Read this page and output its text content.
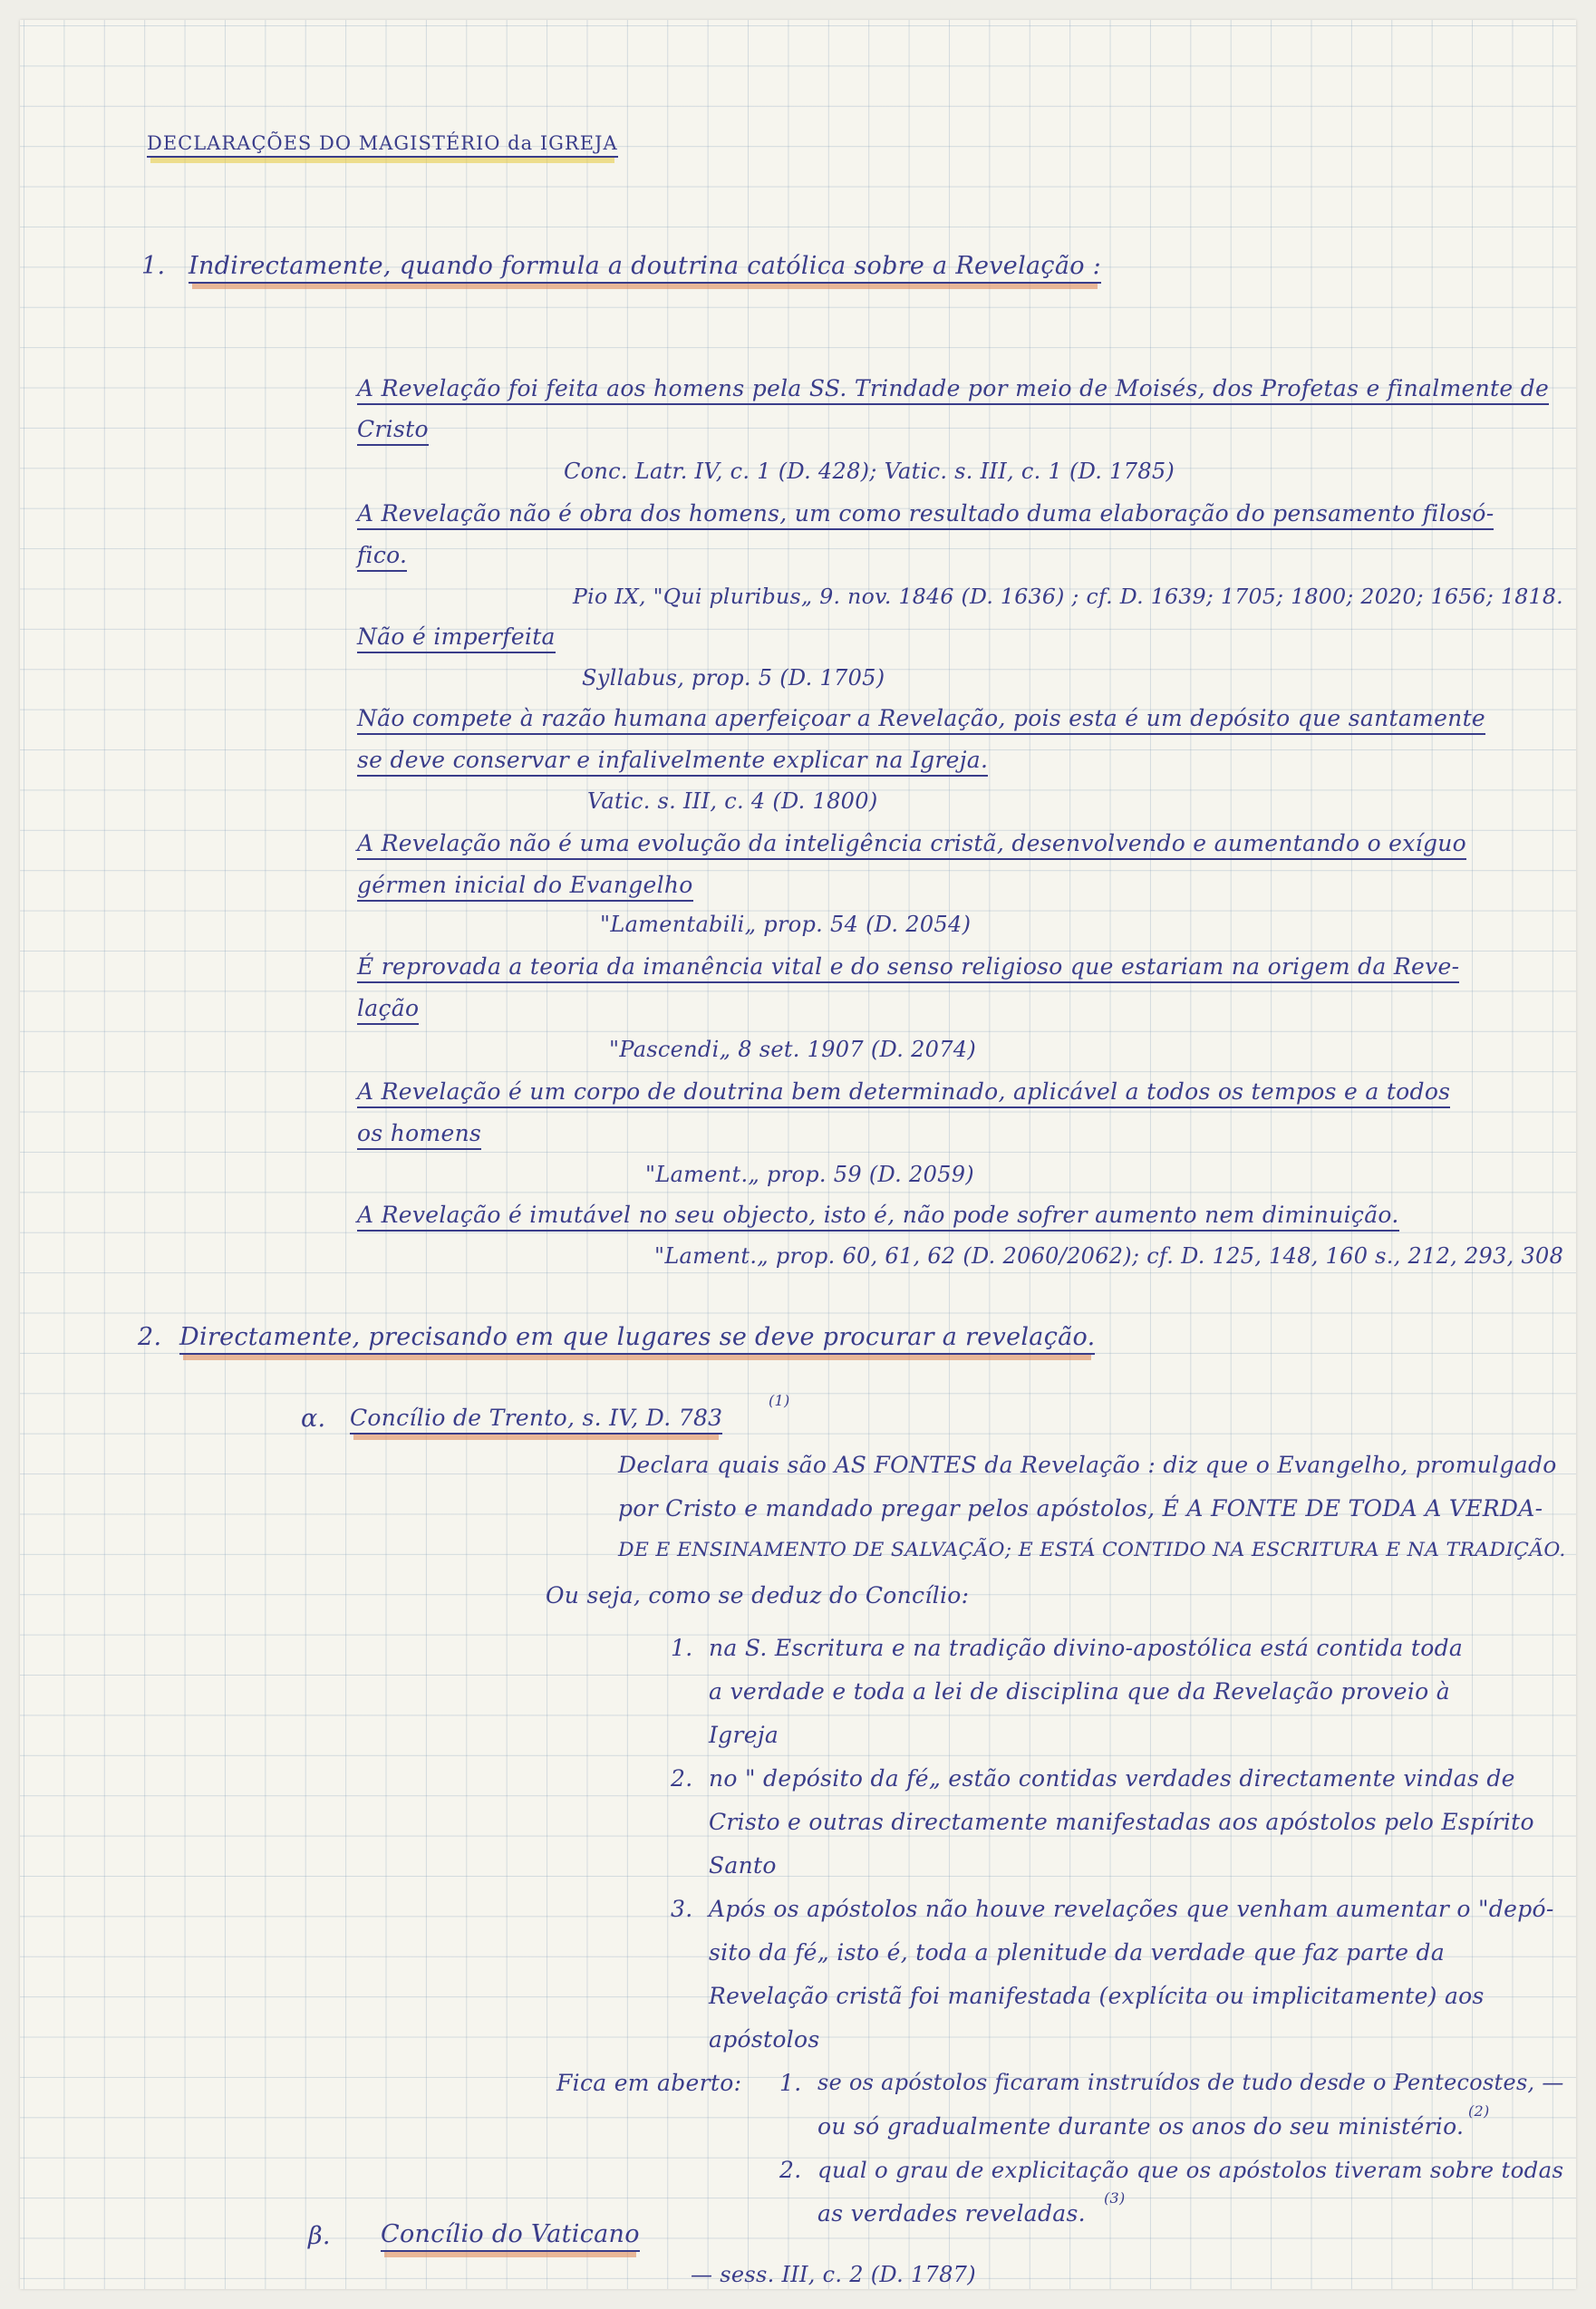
DECLARAÇÕES DO MAGISTÉRIO da IGREJA
1. Indirectamente, quando formula a doutrina católica sobre a Revelação :
A Revelação foi feita aos homens pela SS. Trindade por meio de Moisés, dos Profetas e finalmente de
Cristo
Conc. Latr. IV, c. 1 (D. 428); Vatic. s. III, c. 1 (D. 1785)
A Revelação não é obra dos homens, um como resultado duma elaboração do pensamento filosó-
fico.
Pio IX, "Qui pluribus„ 9. nov. 1846 (D. 1636) ; cf. D. 1639; 1705; 1800; 2020; 1656; 1818.
Não é imperfeita
Syllabus, prop. 5 (D. 1705)
Não compete à razão humana aperfeiçoar a Revelação, pois esta é um depósito que santamente
se deve conservar e infalivelmente explicar na Igreja.
Vatic. s. III, c. 4 (D. 1800)
A Revelação não é uma evolução da inteligência cristã, desenvolvendo e aumentando o exíguo
gérmen inicial do Evangelho
"Lamentabili„ prop. 54 (D. 2054)
É reprovada a teoria da imanência vital e do senso religioso que estariam na origem da Reve-
lação
"Pascendi„ 8 set. 1907 (D. 2074)
A Revelação é um corpo de doutrina bem determinado, aplicável a todos os tempos e a todos
os homens
"Lament.„ prop. 59 (D. 2059)
A Revelação é imutável no seu objecto, isto é, não pode sofrer aumento nem diminuição.
"Lament.„ prop. 60, 61, 62 (D. 2060/2062); cf. D. 125, 148, 160 s., 212, 293, 308
2. Directamente, precisando em que lugares se deve procurar a revelação.
α. Concílio de Trento, s. IV, D. 783
(1)
Declara quais são AS FONTES da Revelação : diz que o Evangelho, promulgado
por Cristo e mandado pregar pelos apóstolos, É A FONTE DE TODA A VERDA-
DE E ENSINAMENTO DE SALVAÇÃO; E ESTÁ CONTIDO NA ESCRITURA E NA TRADIÇÃO.
Ou seja, como se deduz do Concílio:
1. na S. Escritura e na tradição divino-apostólica está contida toda
a verdade e toda a lei de disciplina que da Revelação proveio à
Igreja
2. no " depósito da fé„ estão contidas verdades directamente vindas de
Cristo e outras directamente manifestadas aos apóstolos pelo Espírito
Santo
3. Após os apóstolos não houve revelações que venham aumentar o "depó-
sito da fé„ isto é, toda a plenitude da verdade que faz parte da
Revelação cristã foi manifestada (explícita ou implicitamente) aos
apóstolos
Fica em aberto: 1. se os apóstolos ficaram instruídos de tudo desde o Pentecostes, —
ou só gradualmente durante os anos do seu ministério.
(2)
2. qual o grau de explicitação que os apóstolos tiveram sobre todas
as verdades reveladas.
(3)
β. Concílio do Vaticano
— sess. III, c. 2 (D. 1787)
